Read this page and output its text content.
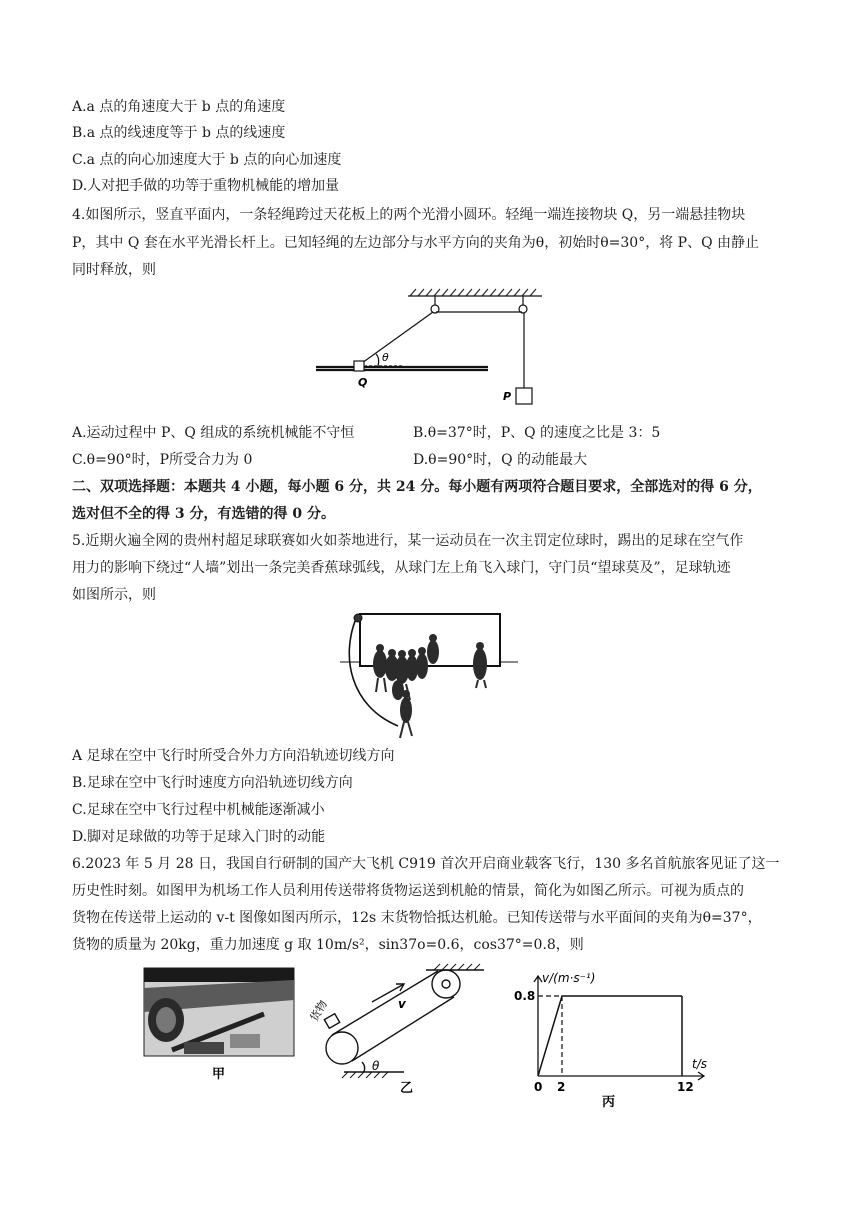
A.a 点的角速度大于 b 点的角速度
B.a 点的线速度等于 b 点的线速度
C.a 点的向心加速度大于 b 点的向心加速度
D.人对把手做的功等于重物机械能的增加量
4.如图所示，竖直平面内，一条轻绳跨过天花板上的两个光滑小圆环。轻绳一端连接物块 Q，另一端悬挂物块
P，其中 Q 套在水平光滑长杆上。已知轻绳的左边部分与水平方向的夹角为θ，初始时θ=30°，将 P、Q 由静止
同时释放，则
θ
Q
P
A.运动过程中 P、Q 组成的系统机械能不守恒	B.θ=37°时，P、Q 的速度之比是 3：5
C.θ=90°时，P所受合力为 0	D.θ=90°时，Q 的动能最大
二、双项选择题：本题共 4 小题，每小题 6 分，共 24 分。每小题有两项符合题目要求，全部选对的得 6 分，
选对但不全的得 3 分，有选错的得 0 分。
5.近期火遍全网的贵州村超足球联赛如火如荼地进行，某一运动员在一次主罚定位球时，踢出的足球在空气作
用力的影响下绕过“人墙”划出一条完美香蕉球弧线，从球门左上角飞入球门，守门员“望球莫及”，足球轨迹
如图所示，则
A 足球在空中飞行时所受合外力方向沿轨迹切线方向
B.足球在空中飞行时速度方向沿轨迹切线方向
C.足球在空中飞行过程中机械能逐渐减小
D.脚对足球做的功等于足球入门时的动能
6.2023 年 5 月 28 日，我国自行研制的国产大飞机 C919 首次开启商业载客飞行，130 多名首航旅客见证了这一
历史性时刻。如图甲为机场工作人员利用传送带将货物运送到机舱的情景，简化为如图乙所示。可视为质点的
货物在传送带上运动的 v-t 图像如图丙所示，12s 末货物恰抵达机舱。已知传送带与水平面间的夹角为θ=37°，
货物的质量为 20kg，重力加速度 g 取 10m/s²，sin37o=0.6，cos37°=0.8，则
甲
货物	v
θ
乙	0 2	12
0.8
v/(m·s⁻¹)
t/s
丙
